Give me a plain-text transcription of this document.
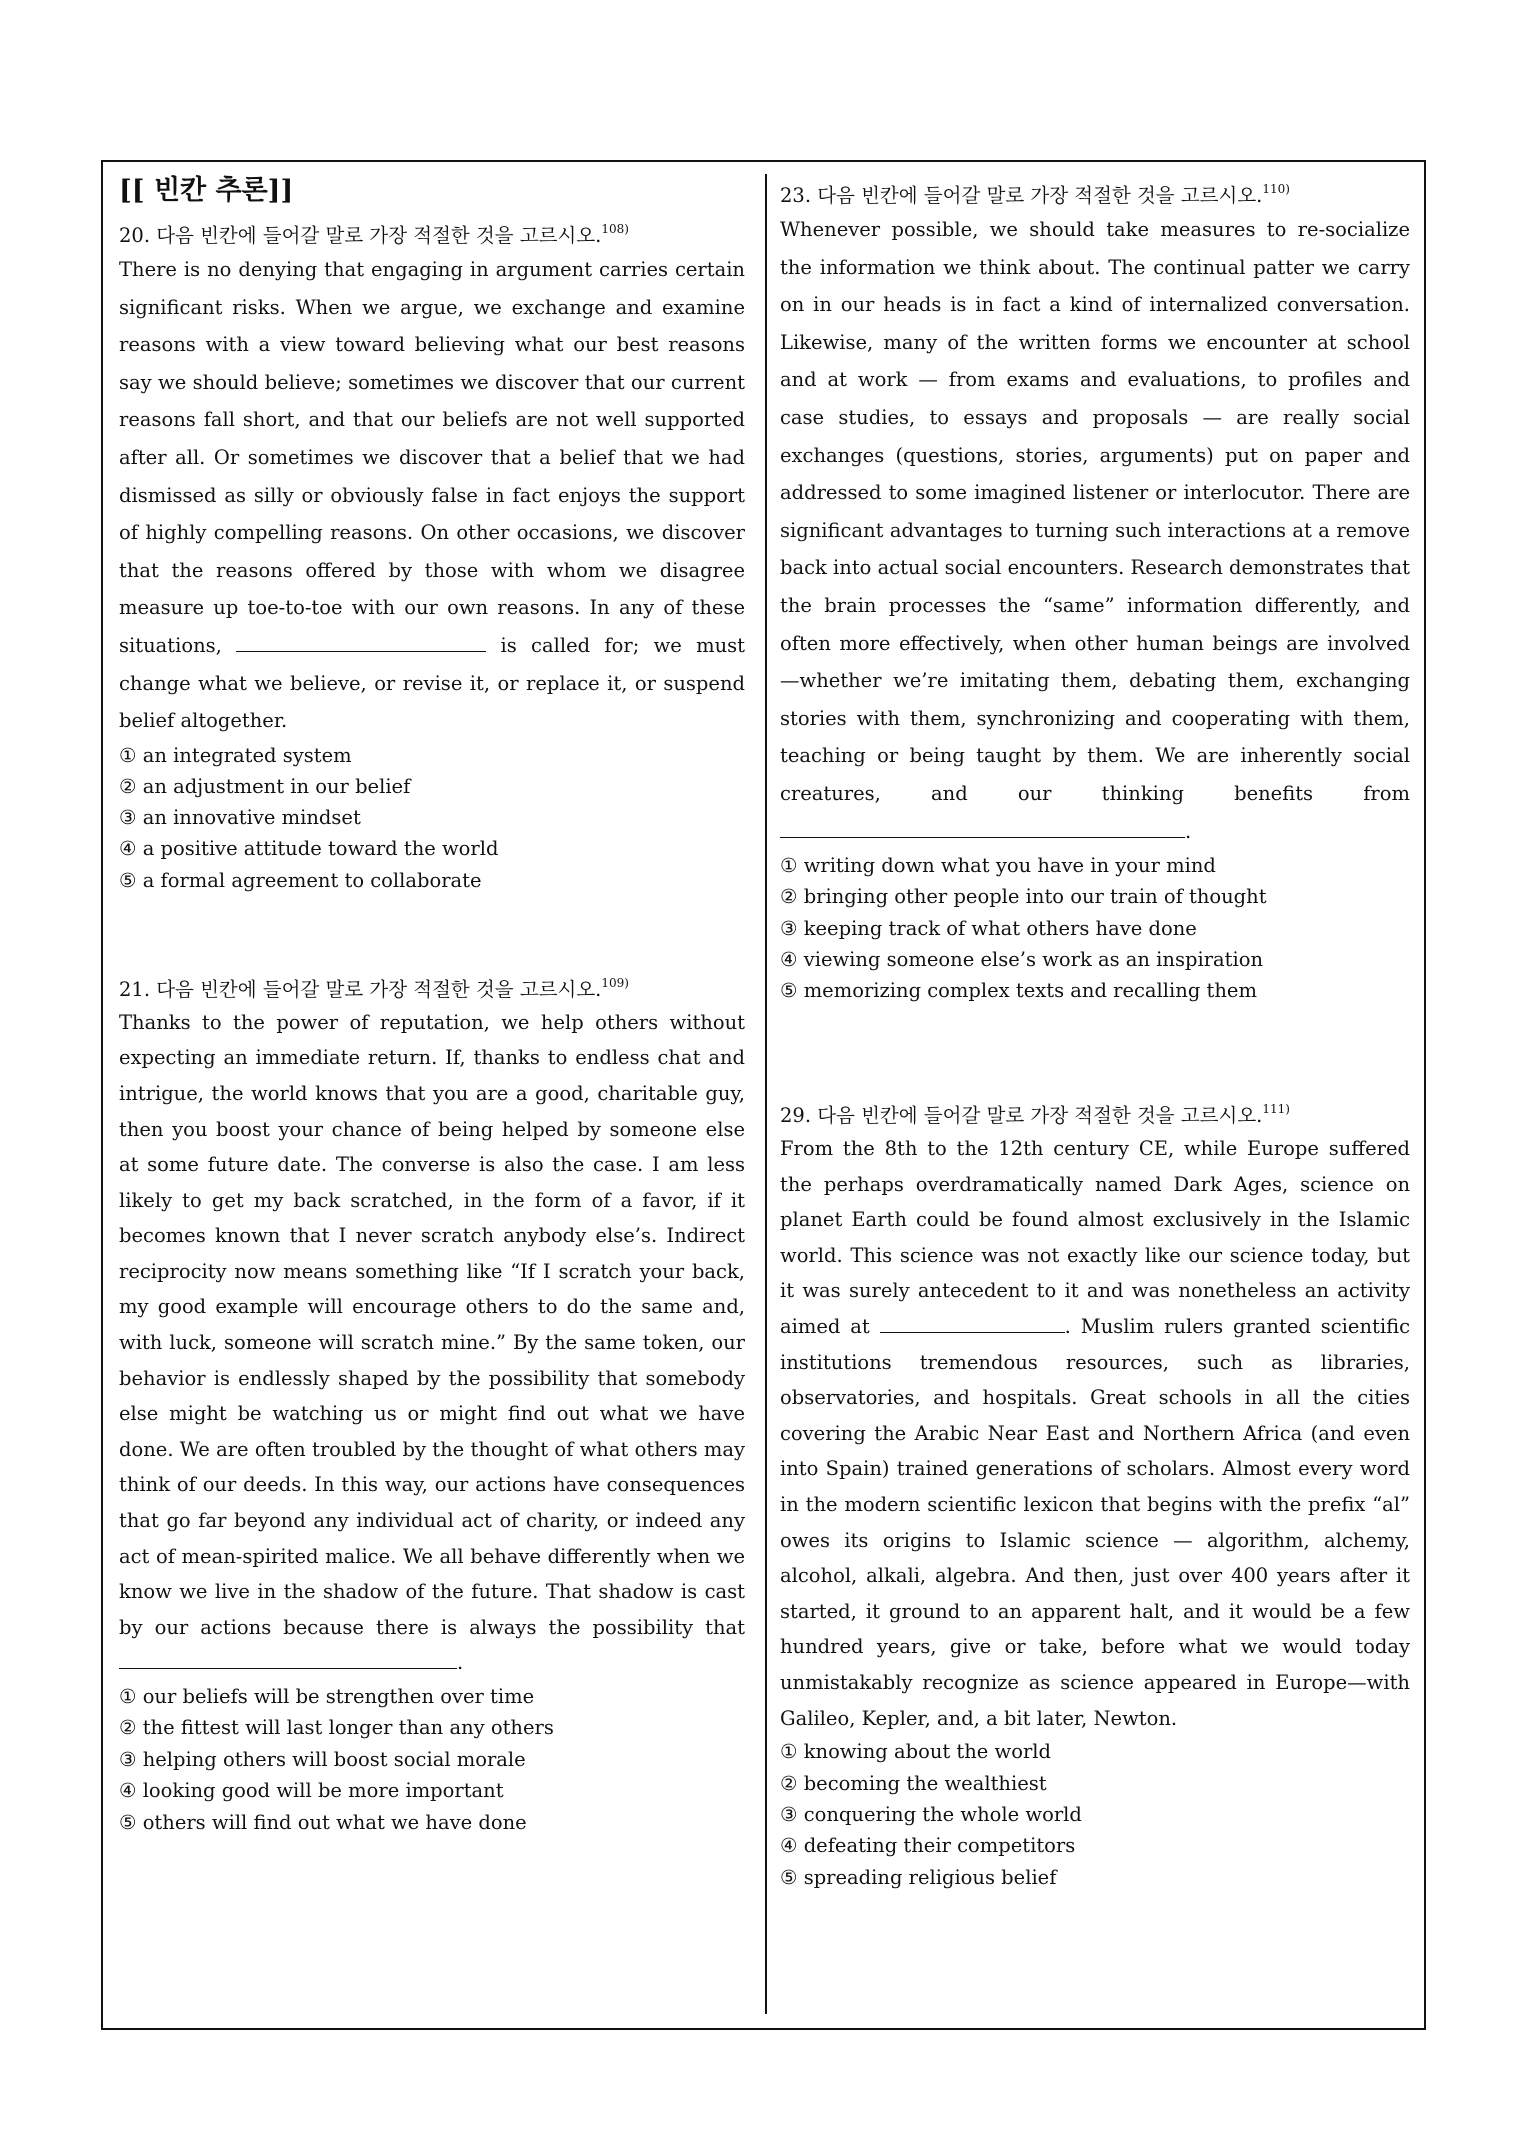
[[ 빈칸 추론]]

20. 다음 빈칸에 들어갈 말로 가장 적절한 것을 고르시오.$^{108)}$

There is no denying that engaging in argument carries certain significant risks. When we argue, we exchange and examine reasons with a view toward believing what our best reasons say we should believe; sometimes we discover that our current reasons fall short, and that our beliefs are not well supported after all. Or sometimes we discover that a belief that we had dismissed as silly or obviously false in fact enjoys the support of highly compelling reasons. On other occasions, we discover that the reasons offered by those with whom we disagree measure up toe-to-toe with our own reasons. In any of these situations,	is called for; we must change what we believe, or revise it, or replace it, or suspend belief altogether.

① an integrated system
② an adjustment in our belief
③ an innovative mindset
④ a positive attitude toward the world
⑤ a formal agreement to collaborate

21. 다음 빈칸에 들어갈 말로 가장 적절한 것을 고르시오.$^{109)}$

Thanks to the power of reputation, we help others without expecting an immediate return. If, thanks to endless chat and intrigue, the world knows that you are a good, charitable guy, then you boost your chance of being helped by someone else at some future date. The converse is also the case. I am less likely to get my back scratched, in the form of a favor, if it becomes known that I never scratch anybody else’s. Indirect reciprocity now means something like “If I scratch your back, my good example will encourage others to do the same and, with luck, someone will scratch mine.” By the same token, our behavior is endlessly shaped by the possibility that somebody else might be watching us or might find out what we have done. We are often troubled by the thought of what others may think of our deeds. In this way, our actions have consequences that go far beyond any individual act of charity, or indeed any act of mean-spirited malice. We all behave differently when we know we live in the shadow of the future. That shadow is cast by our actions because there is always the possibility that .

① our beliefs will be strengthen over time
② the fittest will last longer than any others
③ helping others will boost social morale
④ looking good will be more important
⑤ others will find out what we have done

23. 다음 빈칸에 들어갈 말로 가장 적절한 것을 고르시오.$^{110)}$

Whenever possible, we should take measures to re-socialize the information we think about. The continual patter we carry on in our heads is in fact a kind of internalized conversation. Likewise, many of the written forms we encounter at school and at work — from exams and evaluations, to profiles and case studies, to essays and proposals — are really social exchanges (questions, stories, arguments) put on paper and addressed to some imagined listener or interlocutor. There are significant advantages to turning such interactions at a remove back into actual social encounters. Research demonstrates that the brain processes the “same” information differently, and often more effectively, when other human beings are involved—whether we’re imitating them, debating them, exchanging stories with them, synchronizing and cooperating with them, teaching or being taught by them. We are inherently social creatures, and our thinking benefits from .

① writing down what you have in your mind
② bringing other people into our train of thought
③ keeping track of what others have done
④ viewing someone else’s work as an inspiration
⑤ memorizing complex texts and recalling them

29. 다음 빈칸에 들어갈 말로 가장 적절한 것을 고르시오.$^{111)}$

From the 8th to the 12th century CE, while Europe suffered the perhaps overdramatically named Dark Ages, science on planet Earth could be found almost exclusively in the Islamic world. This science was not exactly like our science today, but it was surely antecedent to it and was nonetheless an activity aimed at	. Muslim rulers granted scientific institutions tremendous resources, such as libraries, observatories, and hospitals. Great schools in all the cities covering the Arabic Near East and Northern Africa (and even into Spain) trained generations of scholars. Almost every word in the modern scientific lexicon that begins with the prefix “al” owes its origins to Islamic science — algorithm, alchemy, alcohol, alkali, algebra. And then, just over 400 years after it started, it ground to an apparent halt, and it would be a few hundred years, give or take, before what we would today unmistakably recognize as science appeared in Europe—with Galileo, Kepler, and, a bit later, Newton.

① knowing about the world
② becoming the wealthiest
③ conquering the whole world
④ defeating their competitors
⑤ spreading religious belief
